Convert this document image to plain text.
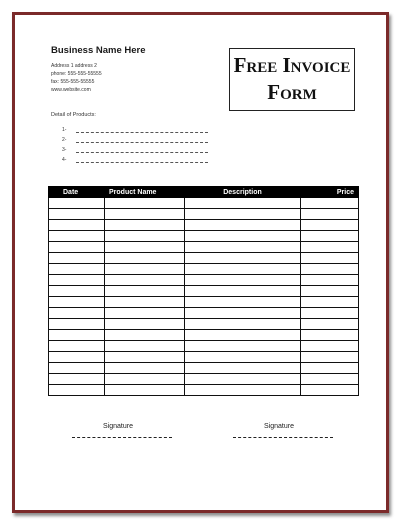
Business Name Here
Address 1 address 2
phone: 555-555-55555
fax: 555-555-55555
www.website.com
Free Invoice
Form
Detail of Products:
1-
2-
3-
4-
Date	Product Name	Description	Price

Signature	Signature
